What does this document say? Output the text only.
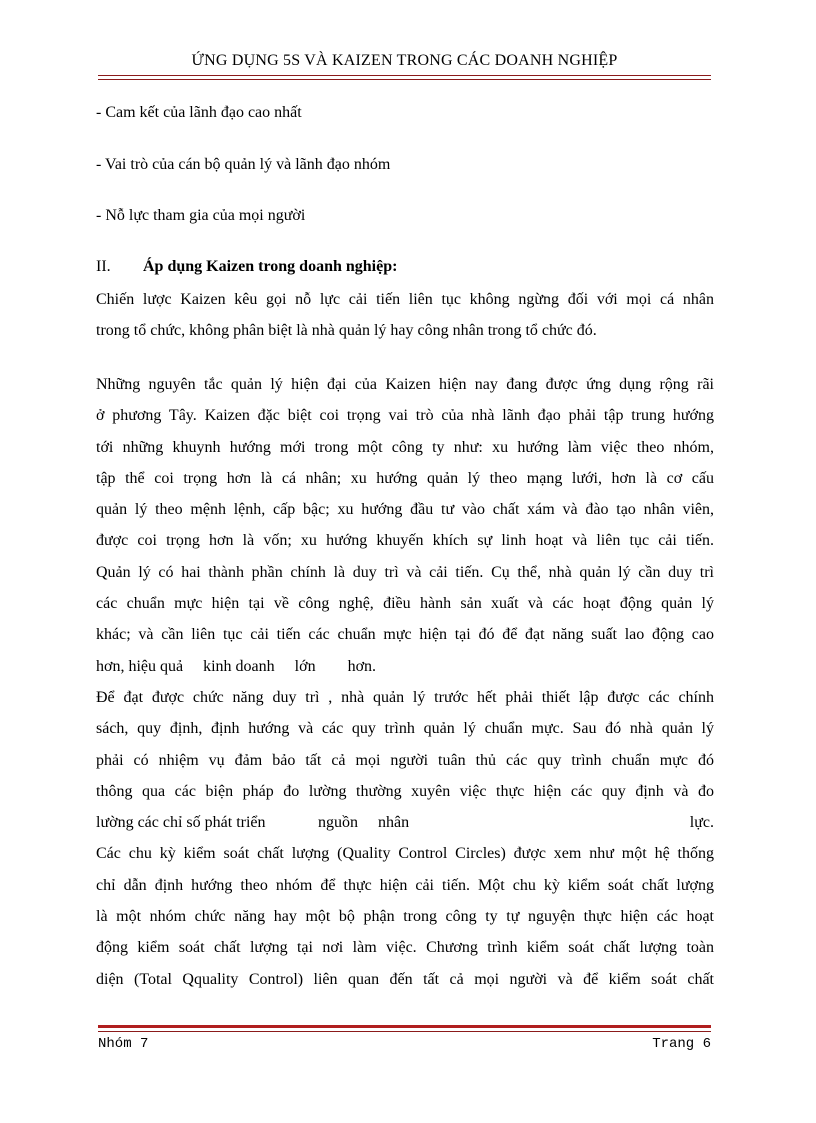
ỨNG DỤNG 5S VÀ KAIZEN TRONG CÁC DOANH NGHIỆP
- Cam kết của lãnh đạo cao nhất
- Vai trò của cán bộ quản lý và lãnh đạo nhóm
- Nỗ lực tham gia của mọi người
II. Áp dụng Kaizen trong doanh nghiệp:
Chiến lược Kaizen kêu gọi nỗ lực cải tiến liên tục không ngừng đối với mọi cá nhân
trong tổ chức, không phân biệt là nhà quản lý hay công nhân trong tổ chức đó.
Những nguyên tắc quản lý hiện đại của Kaizen hiện nay đang được ứng dụng rộng rãi
ở phương Tây. Kaizen đặc biệt coi trọng vai trò của nhà lãnh đạo phải tập trung hướng
tới những khuynh hướng mới trong một công ty như: xu hướng làm việc theo nhóm,
tập thể coi trọng hơn là cá nhân; xu hướng quản lý theo mạng lưới, hơn là cơ cấu
quản lý theo mệnh lệnh, cấp bậc; xu hướng đầu tư vào chất xám và đào tạo nhân viên,
được coi trọng hơn là vốn; xu hướng khuyến khích sự linh hoạt và liên tục cải tiến.
Quản lý có hai thành phần chính là duy trì và cải tiến. Cụ thể, nhà quản lý cần duy trì
các chuẩn mực hiện tại về công nghệ, điều hành sản xuất và các hoạt động quản lý
khác; và cần liên tục cải tiến các chuẩn mực hiện tại đó để đạt năng suất lao động cao
hơn, hiệu quả     kinh doanh     lớn        hơn.
Để đạt được chức năng duy trì , nhà quản lý trước hết phải thiết lập được các chính
sách, quy định, định hướng và các quy trình quản lý chuẩn mực. Sau đó nhà quản lý
phải có nhiệm vụ đảm bảo tất cả mọi người tuân thủ các quy trình chuẩn mực đó
thông qua các biện pháp đo lường thường xuyên việc thực hiện các quy định và đo
lường các chỉ số phát triển	nguồn nhân	lực.
Các chu kỳ kiểm soát chất lượng (Quality Control Circles) được xem như một hệ thống
chỉ dẫn định hướng theo nhóm để thực hiện cải tiến. Một chu kỳ kiểm soát chất lượng
là một nhóm chức năng hay một bộ phận trong công ty tự nguyện thực hiện các hoạt
động kiểm soát chất lượng tại nơi làm việc. Chương trình kiểm soát chất lượng toàn
diện (Total Qquality Control) liên quan đến tất cả mọi người và để kiểm soát chất
Nhóm 7	Trang 6
